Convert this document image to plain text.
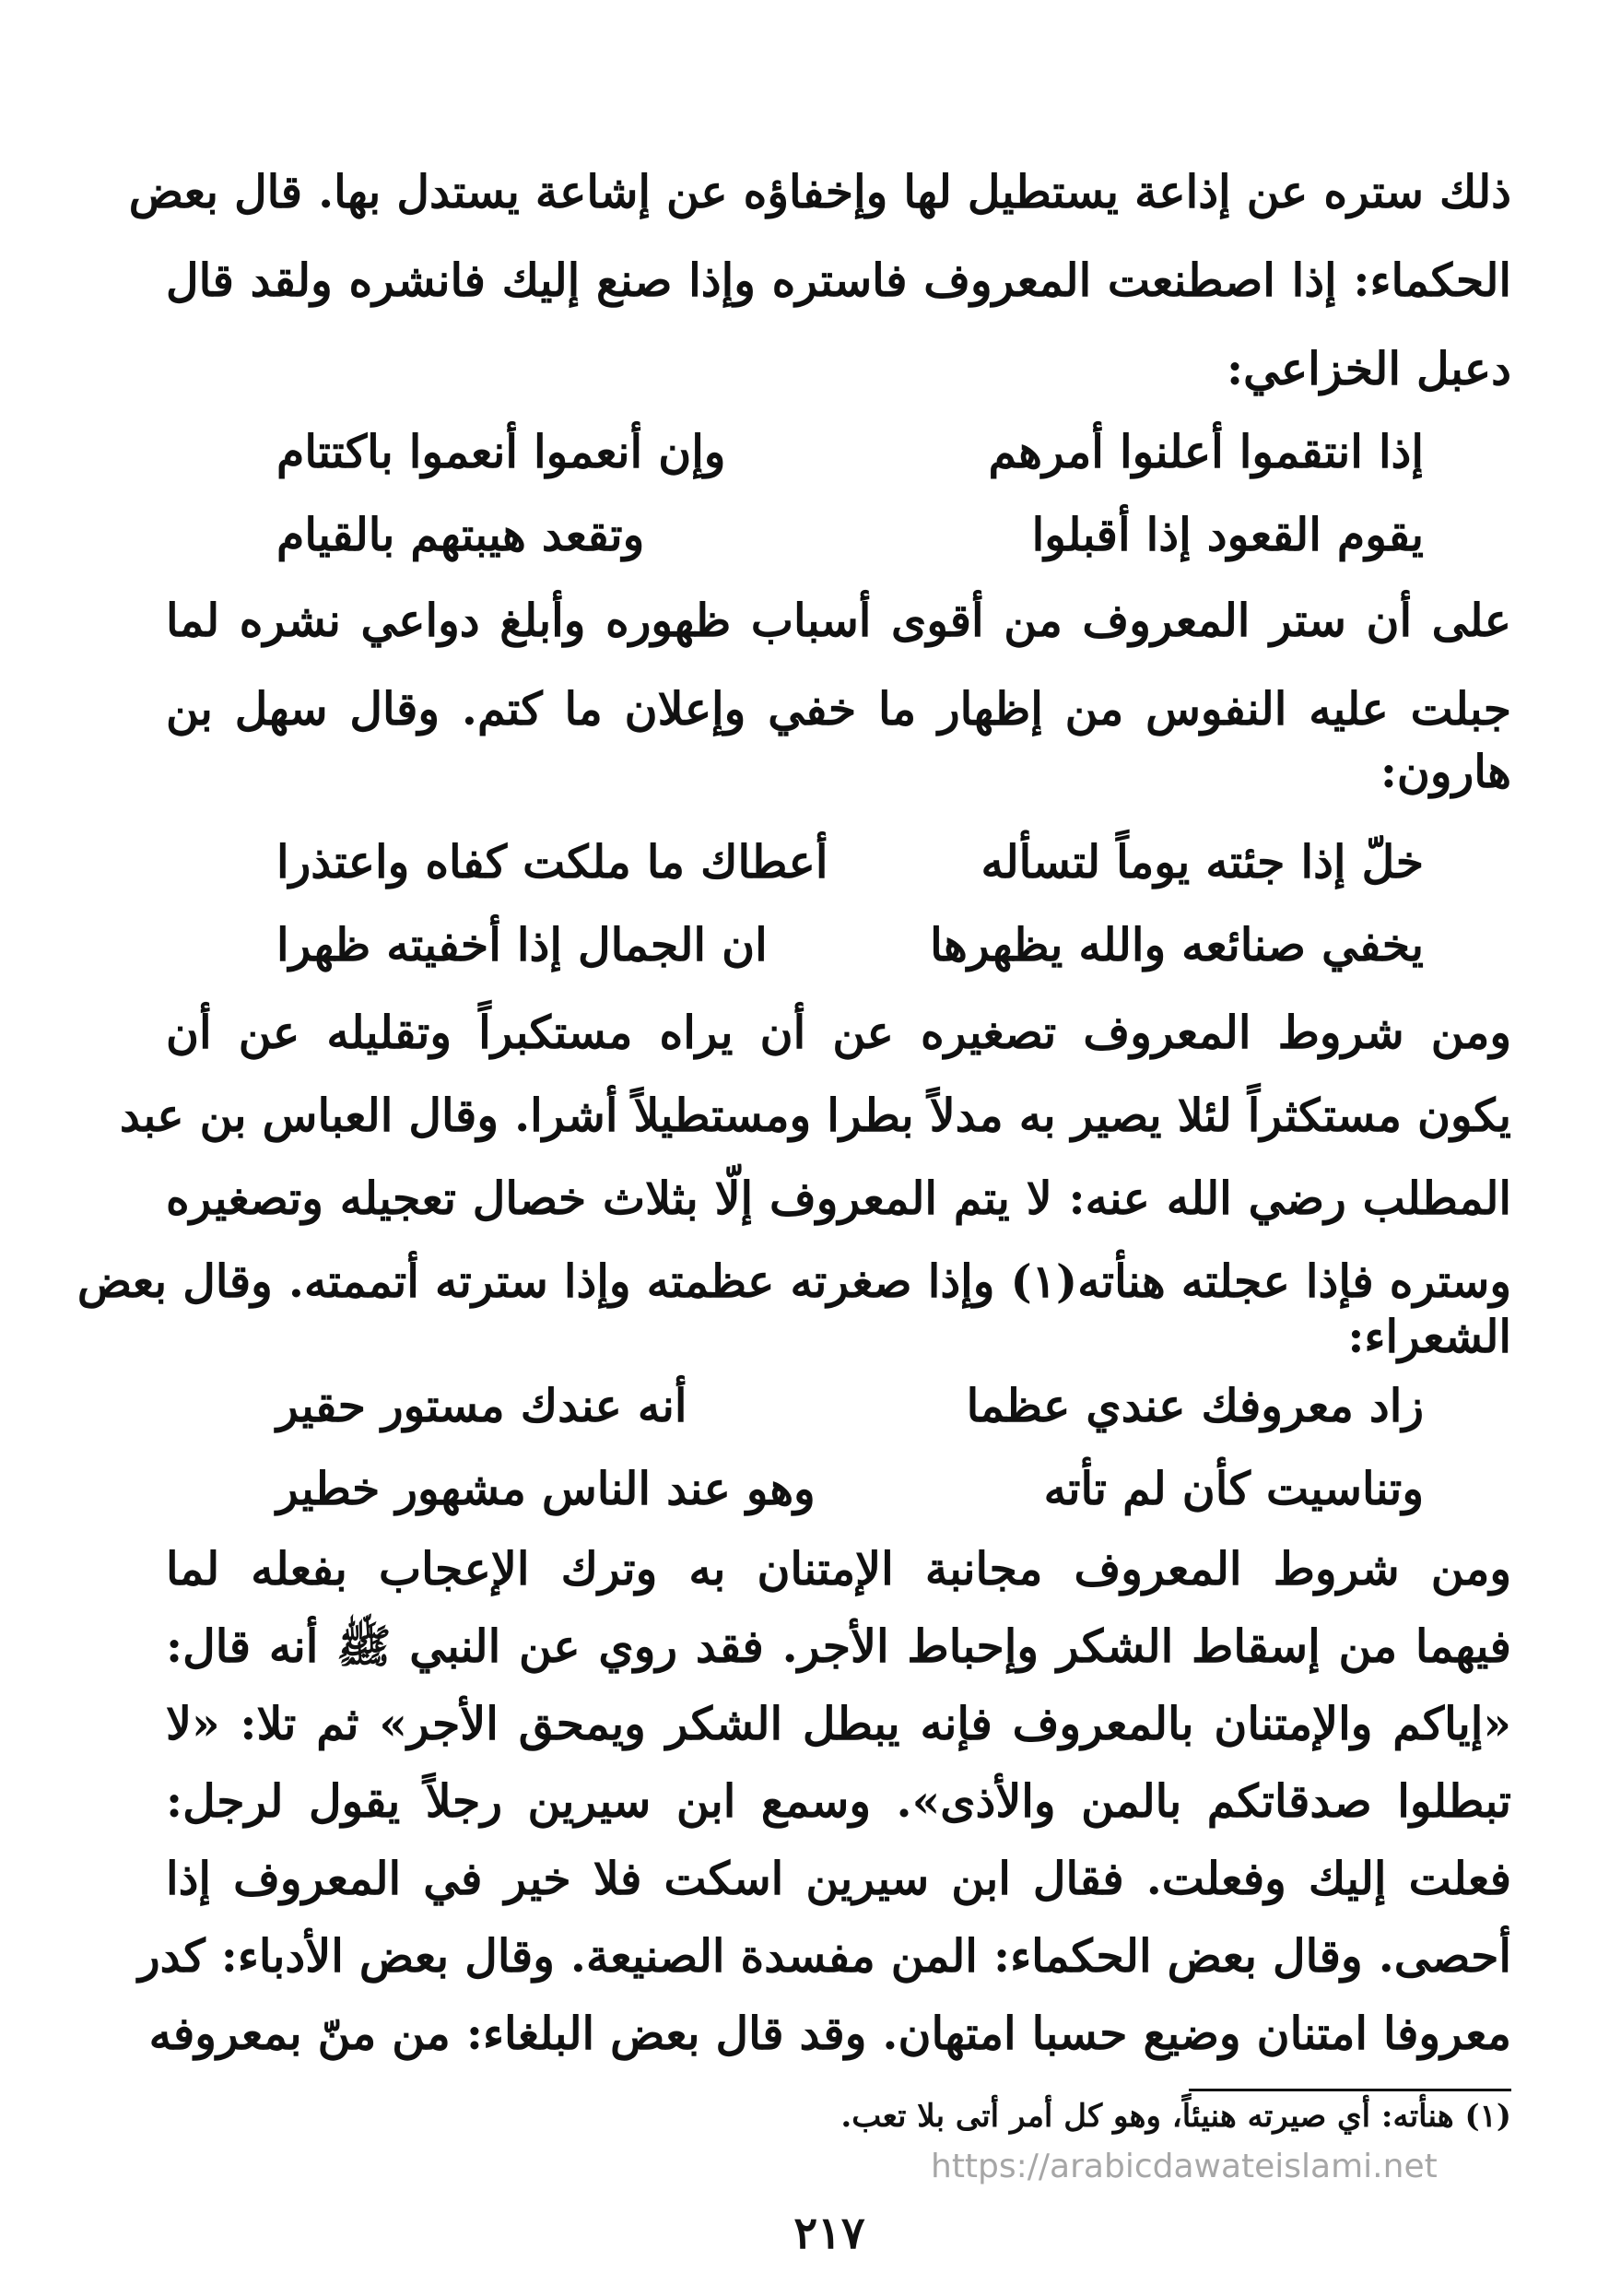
ذلك ستره عن إذاعة يستطيل لها وإخفاؤه عن إشاعة يستدل بها. قال بعض
الحكماء: إذا اصطنعت المعروف فاستره وإذا صنع إليك فانشره ولقد قال
دعبل الخزاعي:
إذا انتقموا أعلنوا أمرهم
وإن أنعموا أنعموا باكتتام
يقوم القعود إذا أقبلوا
وتقعد هيبتهم بالقيام
على أن ستر المعروف من أقوى أسباب ظهوره وأبلغ دواعي نشره لما
جبلت عليه النفوس من إظهار ما خفي وإعلان ما كتم. وقال سهل بن
هارون:
خلّ إذا جئته يوماً لتسأله
أعطاك ما ملكت كفاه واعتذرا
يخفي صنائعه والله يظهرها
ان الجمال إذا أخفيته ظهرا
ومن شروط المعروف تصغيره عن أن يراه مستكبراً وتقليله عن أن
يكون مستكثراً لئلا يصير به مدلاً بطرا ومستطيلاً أشرا. وقال العباس بن عبد
المطلب رضي الله عنه: لا يتم المعروف إلّا بثلاث خصال تعجيله وتصغيره
وستره فإذا عجلته هنأته(١) وإذا صغرته عظمته وإذا سترته أتممته. وقال بعض
الشعراء:
زاد معروفك عندي عظما
أنه عندك مستور حقير
وتناسيت كأن لم تأته
وهو عند الناس مشهور خطير
ومن شروط المعروف مجانبة الإمتنان به وترك الإعجاب بفعله لما
فيهما من إسقاط الشكر وإحباط الأجر. فقد روي عن النبي ﷺ أنه قال:
«إياكم والإمتنان بالمعروف فإنه يبطل الشكر ويمحق الأجر» ثم تلا: «لا
تبطلوا صدقاتكم بالمن والأذى». وسمع ابن سيرين رجلاً يقول لرجل:
فعلت إليك وفعلت. فقال ابن سيرين اسكت فلا خير في المعروف إذا
أحصى. وقال بعض الحكماء: المن مفسدة الصنيعة. وقال بعض الأدباء: كدر
معروفا امتنان وضيع حسبا امتهان. وقد قال بعض البلغاء: من منّ بمعروفه
(١) هنأته: أي صيرته هنيئاً، وهو كل أمر أتى بلا تعب.
https://arabicdawateislami.net
٢١٧
